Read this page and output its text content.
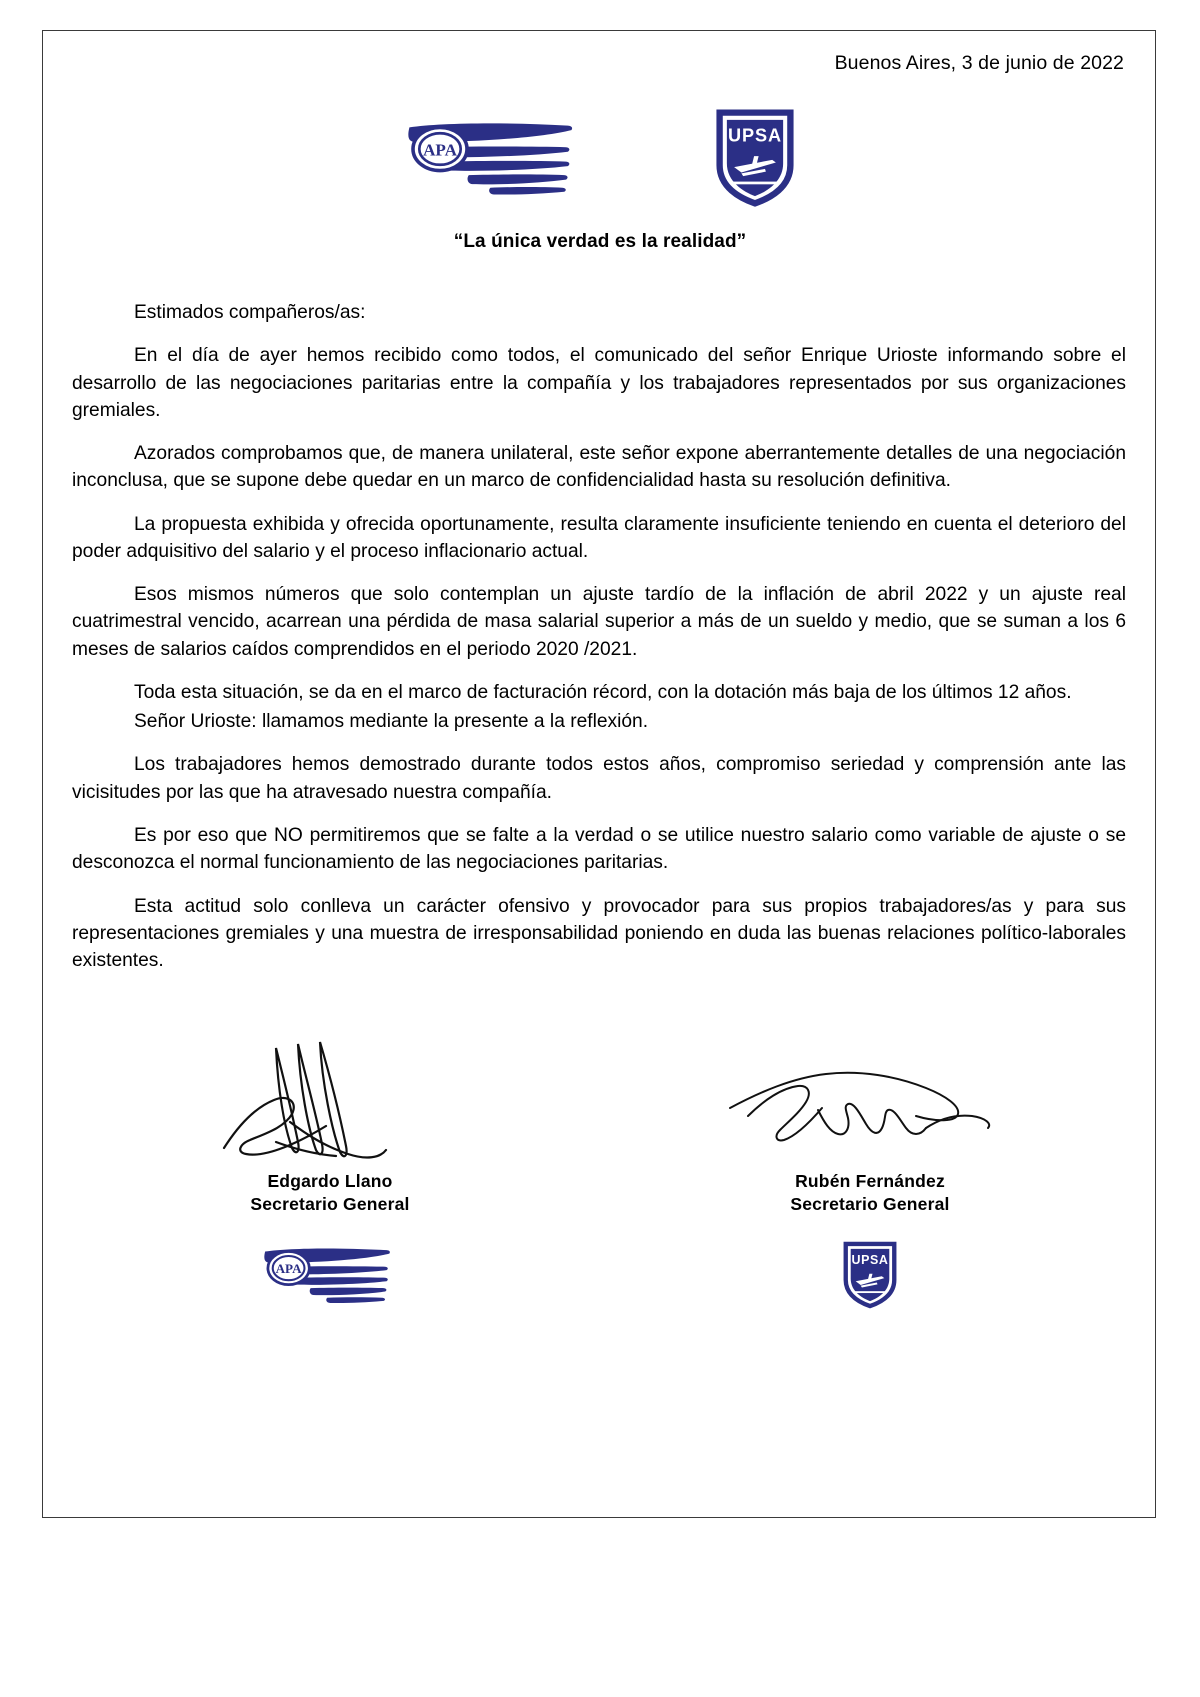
Buenos Aires, 3 de junio de 2022
APA
UPSA
“La única verdad es la realidad”

Estimados compañeros/as:

En el día de ayer hemos recibido como todos, el comunicado del señor Enrique Urioste informando sobre el desarrollo de las negociaciones paritarias entre la compañía y los trabajadores representados por sus organizaciones gremiales.

Azorados comprobamos que, de manera unilateral, este señor expone aberrantemente detalles de una negociación inconclusa, que se supone debe quedar en un marco de confidencialidad hasta su resolución definitiva.

La propuesta exhibida y ofrecida oportunamente, resulta claramente insuficiente teniendo en cuenta el deterioro del poder adquisitivo del salario y el proceso inflacionario actual.

Esos mismos números que solo contemplan un ajuste tardío de la inflación de abril 2022 y un ajuste real cuatrimestral vencido, acarrean una pérdida de masa salarial superior a más de un sueldo y medio, que se suman a los 6 meses de salarios caídos comprendidos en el periodo 2020 /2021.

Toda esta situación, se da en el marco de facturación récord, con la dotación más baja de los últimos 12 años.

Señor Urioste: llamamos mediante la presente a la reflexión.

Los trabajadores hemos demostrado durante todos estos años, compromiso seriedad y comprensión ante las vicisitudes por las que ha atravesado nuestra compañía.

Es por eso que NO permitiremos que se falte a la verdad o se utilice nuestro salario como variable de ajuste o se desconozca el normal funcionamiento de las negociaciones paritarias.

Esta actitud solo conlleva un carácter ofensivo y provocador para sus propios trabajadores/as y para sus representaciones gremiales y una muestra de irresponsabilidad poniendo en duda las buenas relaciones político-laborales existentes.

Edgardo Llano
Secretario General
APA
Rubén Fernández
Secretario General
UPSA
